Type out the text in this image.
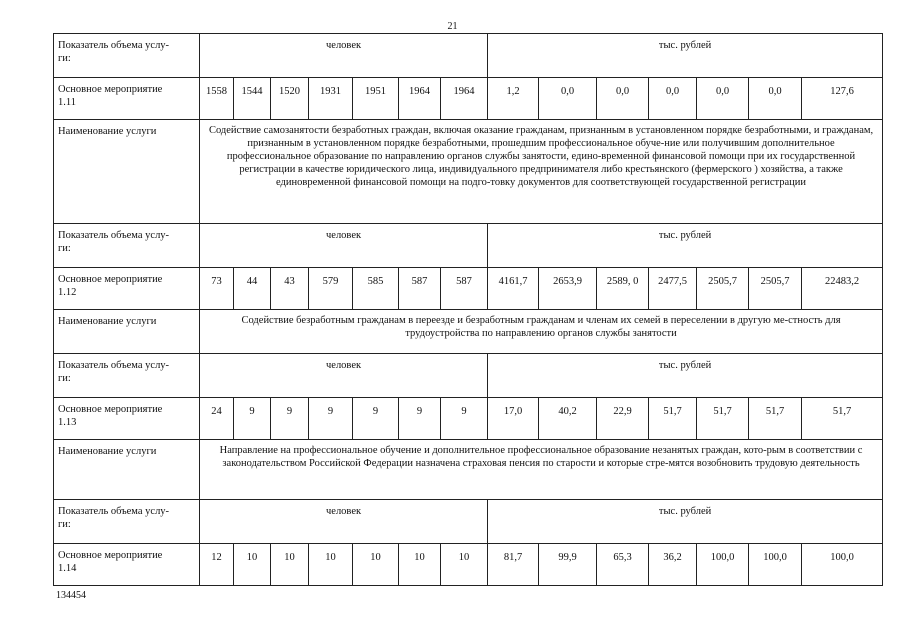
21
Показатель объема услу-
ги:	человек							тыс. рублей						
Основное мероприятие
1.11	1558	1544	1520	1931	1951	1964	1964	1,2	0,0	0,0	0,0	0,0	0,0	127,6
Наименование услуги	Содействие самозанятости безработных граждан, включая оказание гражданам, признанным в установленном порядке безработными, и гражданам, признанным в установленном порядке безработными, прошедшим профессиональное обуче-ние или получившим дополнительное профессиональное образование по направлению органов службы занятости, едино-временной финансовой помощи при их государственной регистрации в качестве юридического лица, индивидуального предпринимателя либо крестьянского (фермерского ) хозяйства, а также единовременной финансовой помощи на подго-товку документов для соответствующей государственной регистрации													
Показатель объема услу-
ги:	человек							тыс. рублей						
Основное мероприятие
1.12	73	44	43	579	585	587	587	4161,7	2653,9	2589, 0	2477,5	2505,7	2505,7	22483,2
Наименование услуги	Содействие безработным гражданам в переезде и безработным гражданам и членам их семей в переселении в другую ме-стность для трудоустройства по направлению органов службы занятости													
Показатель объема услу-
ги:	человек							тыс. рублей						
Основное мероприятие
1.13	24	9	9	9	9	9	9	17,0	40,2	22,9	51,7	51,7	51,7	51,7
Наименование услуги	Направление на профессиональное обучение и дополнительное профессиональное образование незанятых граждан, кото-рым в соответствии с законодательством Российской Федерации назначена страховая пенсия по старости и которые стре-мятся возобновить трудовую деятельность													
Показатель объема услу-
ги:	человек							тыс. рублей						
Основное мероприятие
1.14	12	10	10	10	10	10	10	81,7	99,9	65,3	36,2	100,0	100,0	100,0
134454
